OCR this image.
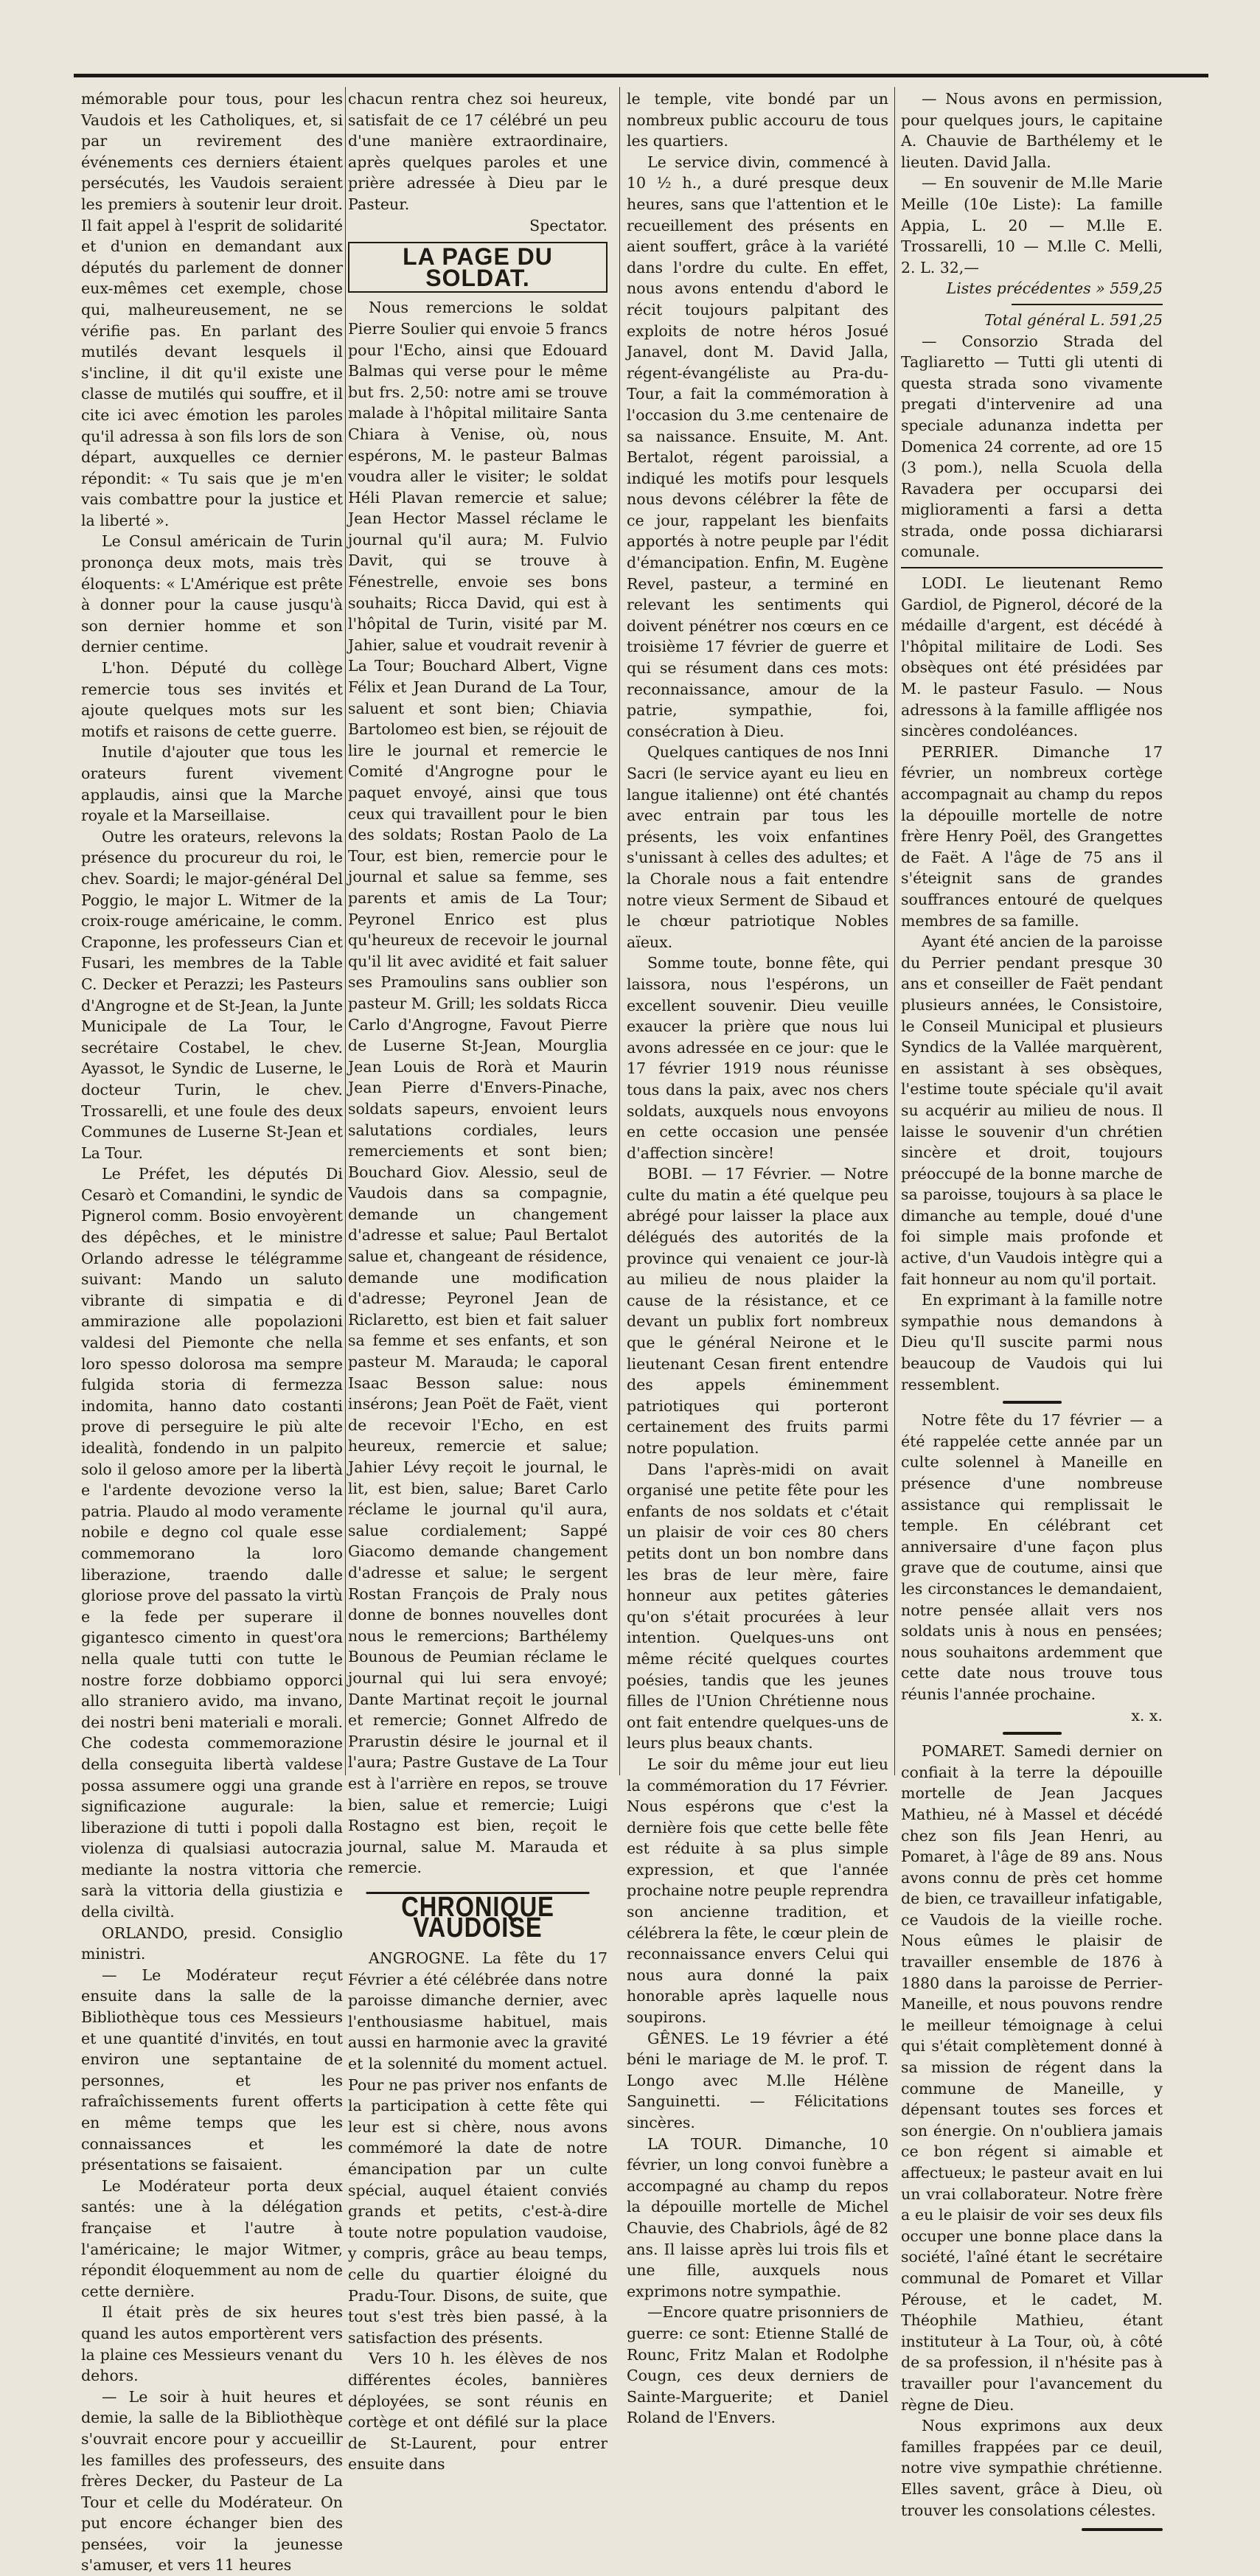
mémorable pour tous, pour les Vaudois et les Catholiques, et, si par un revirement des événements ces derniers étaient persécutés, les Vaudois seraient les premiers à soutenir leur droit. Il fait appel à l'esprit de solidarité et d'union en demandant aux députés du parlement de donner eux-mêmes cet exemple, chose qui, malheureusement, ne se vérifie pas. En parlant des mutilés devant lesquels il s'incline, il dit qu'il existe une classe de mutilés qui souffre, et il cite ici avec émotion les paroles qu'il adressa à son fils lors de son départ, auxquelles ce dernier répondit: « Tu sais que je m'en vais combattre pour la justice et la liberté ».

Le Consul américain de Turin prononça deux mots, mais très éloquents: « L'Amérique est prête à donner pour la cause jusqu'à son dernier homme et son dernier centime.

L'hon. Député du collège remercie tous ses invités et ajoute quelques mots sur les motifs et raisons de cette guerre.

Inutile d'ajouter que tous les orateurs furent vivement applaudis, ainsi que la Marche royale et la Marseillaise.

Outre les orateurs, relevons la présence du procureur du roi, le chev. Soardi; le major-général Del Poggio, le major L. Witmer de la croix-rouge américaine, le comm. Craponne, les professeurs Cian et Fusari, les membres de la Table C. Decker et Perazzi; les Pasteurs d'Angrogne et de St-Jean, la Junte Municipale de La Tour, le secrétaire Costabel, le chev. Ayassot, le Syndic de Luserne, le docteur Turin, le chev. Trossarelli, et une foule des deux Communes de Luserne St-Jean et La Tour.

Le Préfet, les députés Di Cesarò et Comandini, le syndic de Pignerol comm. Bosio envoyèrent des dépêches, et le ministre Orlando adresse le télégramme suivant: Mando un saluto vibrante di simpatia e di ammirazione alle popolazioni valdesi del Piemonte che nella loro spesso dolorosa ma sempre fulgida storia di fermezza indomita, hanno dato costanti prove di perseguire le più alte idealità, fondendo in un palpito solo il geloso amore per la libertà e l'ardente devozione verso la patria. Plaudo al modo veramente nobile e degno col quale esse commemorano la loro liberazione, traendo dalle gloriose prove del passato la virtù e la fede per superare il gigantesco cimento in quest'ora nella quale tutti con tutte le nostre forze dobbiamo opporci allo straniero avido, ma invano, dei nostri beni materiali e morali. Che codesta commemorazione della conseguita libertà valdese possa assumere oggi una grande significazione augurale: la liberazione di tutti i popoli dalla violenza di qualsiasi autocrazia mediante la nostra vittoria che sarà la vittoria della giustizia e della civiltà.

ORLANDO, presid. Consiglio ministri.

— Le Modérateur reçut ensuite dans la salle de la Bibliothèque tous ces Messieurs et une quantité d'invités, en tout environ une septantaine de personnes, et les rafraîchissements furent offerts en même temps que les connaissances et les présentations se faisaient.

Le Modérateur porta deux santés: une à la délégation française et l'autre à l'américaine; le major Witmer, répondit éloquemment au nom de cette dernière.

Il était près de six heures quand les autos emportèrent vers la plaine ces Messieurs venant du dehors.

— Le soir à huit heures et demie, la salle de la Bibliothèque s'ouvrait encore pour y accueillir les familles des professeurs, des frères Decker, du Pasteur de La Tour et celle du Modérateur. On put encore échanger bien des pensées, voir la jeunesse s'amuser, et vers 11 heures

chacun rentra chez soi heureux, satisfait de ce 17 célébré un peu d'une manière extraordinaire, après quelques paroles et une prière adressée à Dieu par le Pasteur.

Spectator.

LA PAGE DU SOLDAT.

Nous remercions le soldat Pierre Soulier qui envoie 5 francs pour l'Echo, ainsi que Edouard Balmas qui verse pour le même but frs. 2,50: notre ami se trouve malade à l'hôpital militaire Santa Chiara à Venise, où, nous espérons, M. le pasteur Balmas voudra aller le visiter; le soldat Héli Plavan remercie et salue; Jean Hector Massel réclame le journal qu'il aura; M. Fulvio Davit, qui se trouve à Fénestrelle, envoie ses bons souhaits; Ricca David, qui est à l'hôpital de Turin, visité par M. Jahier, salue et voudrait revenir à La Tour; Bouchard Albert, Vigne Félix et Jean Durand de La Tour, saluent et sont bien; Chiavia Bartolomeo est bien, se réjouit de lire le journal et remercie le Comité d'Angrogne pour le paquet envoyé, ainsi que tous ceux qui travaillent pour le bien des soldats; Rostan Paolo de La Tour, est bien, remercie pour le journal et salue sa femme, ses parents et amis de La Tour; Peyronel Enrico est plus qu'heureux de recevoir le journal qu'il lit avec avidité et fait saluer ses Pramoulins sans oublier son pasteur M. Grill; les soldats Ricca Carlo d'Angrogne, Favout Pierre de Luserne St-Jean, Mourglia Jean Louis de Rorà et Maurin Jean Pierre d'Envers-Pinache, soldats sapeurs, envoient leurs salutations cordiales, leurs remerciements et sont bien; Bouchard Giov. Alessio, seul de Vaudois dans sa compagnie, demande un changement d'adresse et salue; Paul Bertalot salue et, changeant de résidence, demande une modification d'adresse; Peyronel Jean de Riclaretto, est bien et fait saluer sa femme et ses enfants, et son pasteur M. Marauda; le caporal Isaac Besson salue: nous insérons; Jean Poët de Faët, vient de recevoir l'Echo, en est heureux, remercie et salue; Jahier Lévy reçoit le journal, le lit, est bien, salue; Baret Carlo réclame le journal qu'il aura, salue cordialement; Sappé Giacomo demande changement d'adresse et salue; le sergent Rostan François de Praly nous donne de bonnes nouvelles dont nous le remercions; Barthélemy Bounous de Peumian réclame le journal qui lui sera envoyé; Dante Martinat reçoit le journal et remercie; Gonnet Alfredo de Prarustin désire le journal et il l'aura; Pastre Gustave de La Tour est à l'arrière en repos, se trouve bien, salue et remercie; Luigi Rostagno est bien, reçoit le journal, salue M. Marauda et remercie.

CHRONIQUE VAUDOISE

ANGROGNE. La fête du 17 Février a été célébrée dans notre paroisse dimanche dernier, avec l'enthousiasme habituel, mais aussi en harmonie avec la gravité et la solennité du moment actuel. Pour ne pas priver nos enfants de la participation à cette fête qui leur est si chère, nous avons commémoré la date de notre émancipation par un culte spécial, auquel étaient conviés grands et petits, c'est-à-dire toute notre population vaudoise, y compris, grâce au beau temps, celle du quartier éloigné du Pradu-Tour. Disons, de suite, que tout s'est très bien passé, à la satisfaction des présents.

Vers 10 h. les élèves de nos différentes écoles, bannières déployées, se sont réunis en cortège et ont défilé sur la place de St-Laurent, pour entrer ensuite dans

le temple, vite bondé par un nombreux public accouru de tous les quartiers.

Le service divin, commencé à 10 ½ h., a duré presque deux heures, sans que l'attention et le recueillement des présents en aient souffert, grâce à la variété dans l'ordre du culte. En effet, nous avons entendu d'abord le récit toujours palpitant des exploits de notre héros Josué Janavel, dont M. David Jalla, régent-évangéliste au Pra-du-Tour, a fait la commémoration à l'occasion du 3.me centenaire de sa naissance. Ensuite, M. Ant. Bertalot, régent paroissial, a indiqué les motifs pour lesquels nous devons célébrer la fête de ce jour, rappelant les bienfaits apportés à notre peuple par l'édit d'émancipation. Enfin, M. Eugène Revel, pasteur, a terminé en relevant les sentiments qui doivent pénétrer nos cœurs en ce troisième 17 février de guerre et qui se résument dans ces mots: reconnaissance, amour de la patrie, sympathie, foi, consécration à Dieu.

Quelques cantiques de nos Inni Sacri (le service ayant eu lieu en langue italienne) ont été chantés avec entrain par tous les présents, les voix enfantines s'unissant à celles des adultes; et la Chorale nous a fait entendre notre vieux Serment de Sibaud et le chœur patriotique Nobles aïeux.

Somme toute, bonne fête, qui laissora, nous l'espérons, un excellent souvenir. Dieu veuille exaucer la prière que nous lui avons adressée en ce jour: que le 17 février 1919 nous réunisse tous dans la paix, avec nos chers soldats, auxquels nous envoyons en cette occasion une pensée d'affection sincère!

BOBI. — 17 Février. — Notre culte du matin a été quelque peu abrégé pour laisser la place aux délégués des autorités de la province qui venaient ce jour-là au milieu de nous plaider la cause de la résistance, et ce devant un publix fort nombreux que le général Neirone et le lieutenant Cesan firent entendre des appels éminemment patriotiques qui porteront certainement des fruits parmi notre population.

Dans l'après-midi on avait organisé une petite fête pour les enfants de nos soldats et c'était un plaisir de voir ces 80 chers petits dont un bon nombre dans les bras de leur mère, faire honneur aux petites gâteries qu'on s'était procurées à leur intention. Quelques-uns ont même récité quelques courtes poésies, tandis que les jeunes filles de l'Union Chrétienne nous ont fait entendre quelques-uns de leurs plus beaux chants.

Le soir du même jour eut lieu la commémoration du 17 Février. Nous espérons que c'est la dernière fois que cette belle fête est réduite à sa plus simple expression, et que l'année prochaine notre peuple reprendra son ancienne tradition, et célébrera la fête, le cœur plein de reconnaissance envers Celui qui nous aura donné la paix honorable après laquelle nous soupirons.

GÊNES. Le 19 février a été béni le mariage de M. le prof. T. Longo avec M.lle Hélène Sanguinetti. — Félicitations sincères.

LA TOUR. Dimanche, 10 février, un long convoi funèbre a accompagné au champ du repos la dépouille mortelle de Michel Chauvie, des Chabriols, âgé de 82 ans. Il laisse après lui trois fils et une fille, auxquels nous exprimons notre sympathie.

—Encore quatre prisonniers de guerre: ce sont: Etienne Stallé de Rounc, Fritz Malan et Rodolphe Cougn, ces deux derniers de Sainte-Marguerite; et Daniel Roland de l'Envers.

— Nous avons en permission, pour quelques jours, le capitaine A. Chauvie de Barthélemy et le lieuten. David Jalla.

— En souvenir de M.lle Marie Meille (10e Liste): La famille Appia, L. 20 — M.lle E. Trossarelli, 10 — M.lle C. Melli, 2. L. 32,—

Listes précédentes » 559,25

Total général L. 591,25

— Consorzio Strada del Tagliaretto — Tutti gli utenti di questa strada sono vivamente pregati d'intervenire ad una speciale adunanza indetta per Domenica 24 corrente, ad ore 15 (3 pom.), nella Scuola della Ravadera per occuparsi dei miglioramenti a farsi a detta strada, onde possa dichiararsi comunale.

LODI. Le lieutenant Remo Gardiol, de Pignerol, décoré de la médaille d'argent, est décédé à l'hôpital militaire de Lodi. Ses obsèques ont été présidées par M. le pasteur Fasulo. — Nous adressons à la famille affligée nos sincères condoléances.

PERRIER. Dimanche 17 février, un nombreux cortège accompagnait au champ du repos la dépouille mortelle de notre frère Henry Poël, des Grangettes de Faët. A l'âge de 75 ans il s'éteignit sans de grandes souffrances entouré de quelques membres de sa famille.

Ayant été ancien de la paroisse du Perrier pendant presque 30 ans et conseiller de Faët pendant plusieurs années, le Consistoire, le Conseil Municipal et plusieurs Syndics de la Vallée marquèrent, en assistant à ses obsèques, l'estime toute spéciale qu'il avait su acquérir au milieu de nous. Il laisse le souvenir d'un chrétien sincère et droit, toujours préoccupé de la bonne marche de sa paroisse, toujours à sa place le dimanche au temple, doué d'une foi simple mais profonde et active, d'un Vaudois intègre qui a fait honneur au nom qu'il portait.

En exprimant à la famille notre sympathie nous demandons à Dieu qu'Il suscite parmi nous beaucoup de Vaudois qui lui ressemblent.

Notre fête du 17 février — a été rappelée cette année par un culte solennel à Maneille en présence d'une nombreuse assistance qui remplissait le temple. En célébrant cet anniversaire d'une façon plus grave que de coutume, ainsi que les circonstances le demandaient, notre pensée allait vers nos soldats unis à nous en pensées; nous souhaitons ardemment que cette date nous trouve tous réunis l'année prochaine.

x. x.

POMARET. Samedi dernier on confiait à la terre la dépouille mortelle de Jean Jacques Mathieu, né à Massel et décédé chez son fils Jean Henri, au Pomaret, à l'âge de 89 ans. Nous avons connu de près cet homme de bien, ce travailleur infatigable, ce Vaudois de la vieille roche. Nous eûmes le plaisir de travailler ensemble de 1876 à 1880 dans la paroisse de Perrier-Maneille, et nous pouvons rendre le meilleur témoignage à celui qui s'était complètement donné à sa mission de régent dans la commune de Maneille, y dépensant toutes ses forces et son énergie. On n'oubliera jamais ce bon régent si aimable et affectueux; le pasteur avait en lui un vrai collaborateur. Notre frère a eu le plaisir de voir ses deux fils occuper une bonne place dans la société, l'aîné étant le secrétaire communal de Pomaret et Villar Pérouse, et le cadet, M. Théophile Mathieu, étant instituteur à La Tour, où, à côté de sa profession, il n'hésite pas à travailler pour l'avancement du règne de Dieu.

Nous exprimons aux deux familles frappées par ce deuil, notre vive sympathie chrétienne. Elles savent, grâce à Dieu, où trouver les consolations célestes.
